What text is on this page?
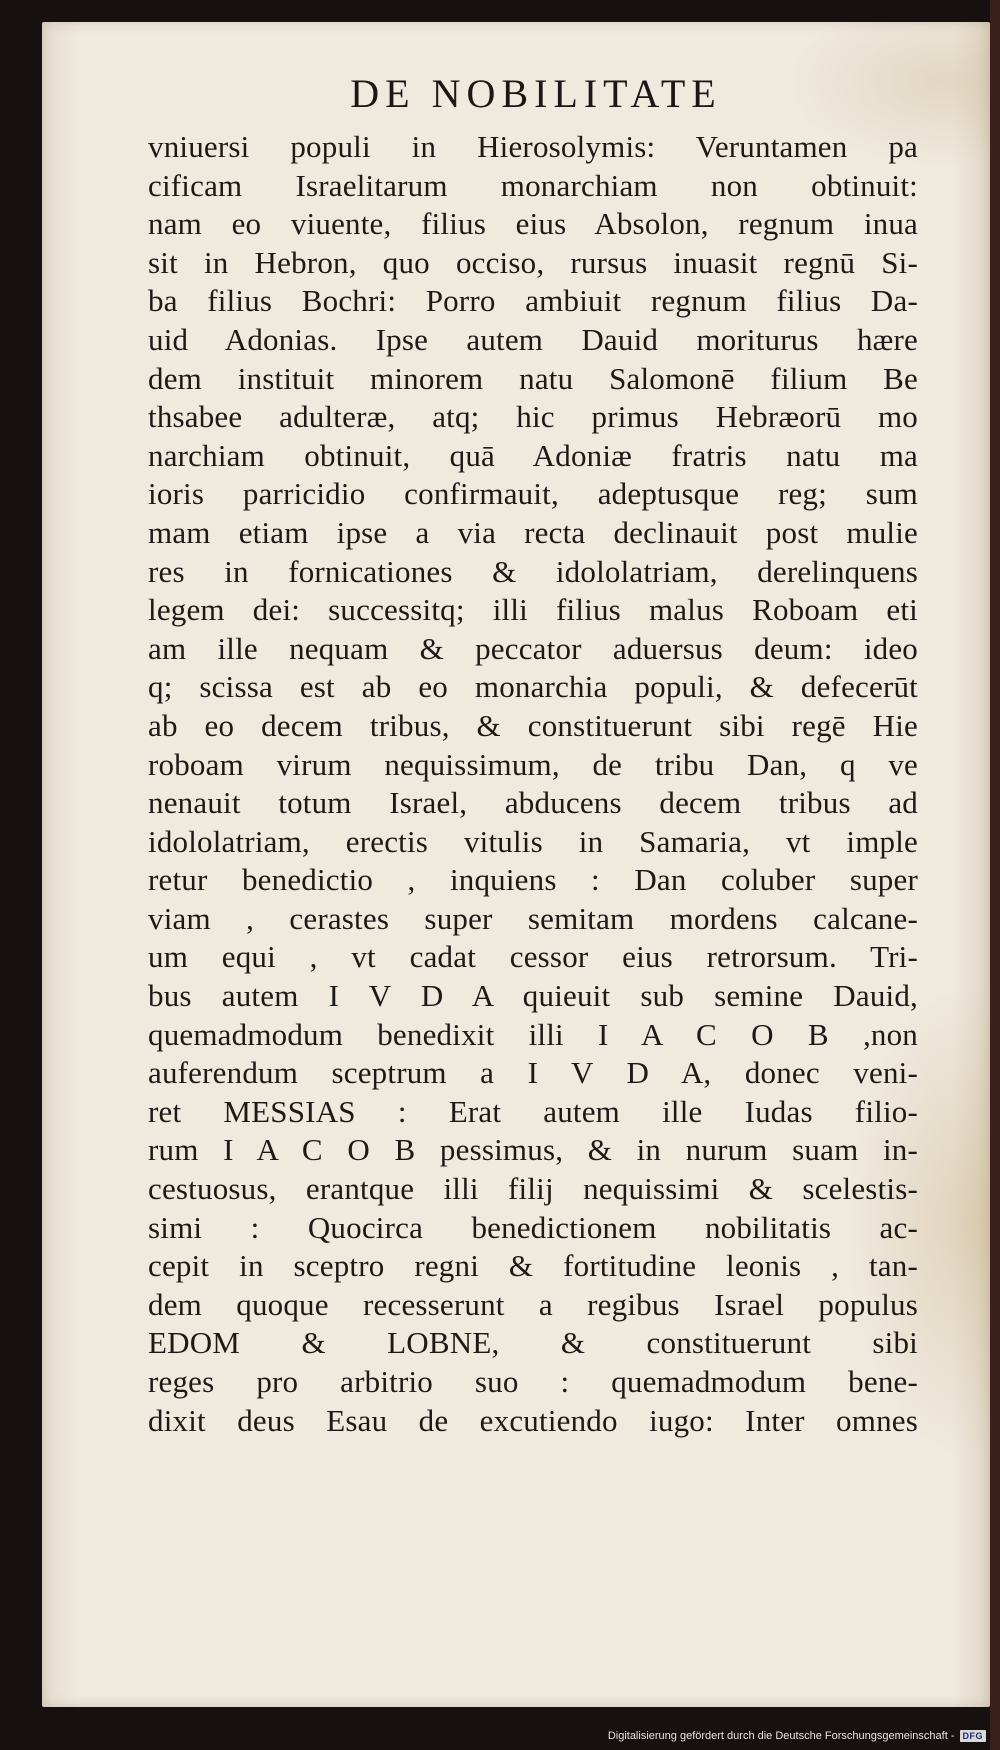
DE NOBILITATE
vniuersi populi in Hierosolymis: Veruntamen pa
cificam Israelitarum monarchiam non obtinuit:
nam eo viuente, filius eius Absolon, regnum inua
sit in Hebron, quo occiso, rursus inuasit regnū Si-
ba filius Bochri: Porro ambiuit regnum filius Da-
uid Adonias. Ipse autem Dauid moriturus hære
dem instituit minorem natu Salomonē filium Be
thsabee adulteræ, atq; hic primus Hebræorū mo
narchiam obtinuit, quā Adoniæ fratris natu ma
ioris parricidio confirmauit, adeptusque reg; sum
mam etiam ipse a via recta declinauit post mulie
res in fornicationes & idololatriam, derelinquens
legem dei: successitq; illi filius malus Roboam eti
am ille nequam & peccator aduersus deum: ideo
q; scissa est ab eo monarchia populi, & defecerūt
ab eo decem tribus, & constituerunt sibi regē Hie
roboam virum nequissimum, de tribu Dan, q ve
nenauit totum Israel, abducens decem tribus ad
idololatriam, erectis vitulis in Samaria, vt imple
retur benedictio , inquiens : Dan coluber super
viam , cerastes super semitam mordens calcane-
um equi , vt cadat cessor eius retrorsum. Tri-
bus autem I V D A quieuit sub semine Dauid,
quemadmodum benedixit illi I A C O B ,non
auferendum sceptrum a I V D A, donec veni-
ret MESSIAS : Erat autem ille Iudas filio-
rum I A C O B pessimus, & in nurum suam in-
cestuosus, erantque illi filij nequissimi & scelestis-
simi : Quocirca benedictionem nobilitatis ac-
cepit in sceptro regni & fortitudine leonis , tan-
dem quoque recesserunt a regibus Israel populus
EDOM & LOBNE, & constituerunt sibi
reges pro arbitrio suo : quemadmodum bene-
dixit deus Esau de excutiendo iugo: Inter omnes
Digitalisierung gefördert durch die Deutsche Forschungsgemeinschaft - DFG
